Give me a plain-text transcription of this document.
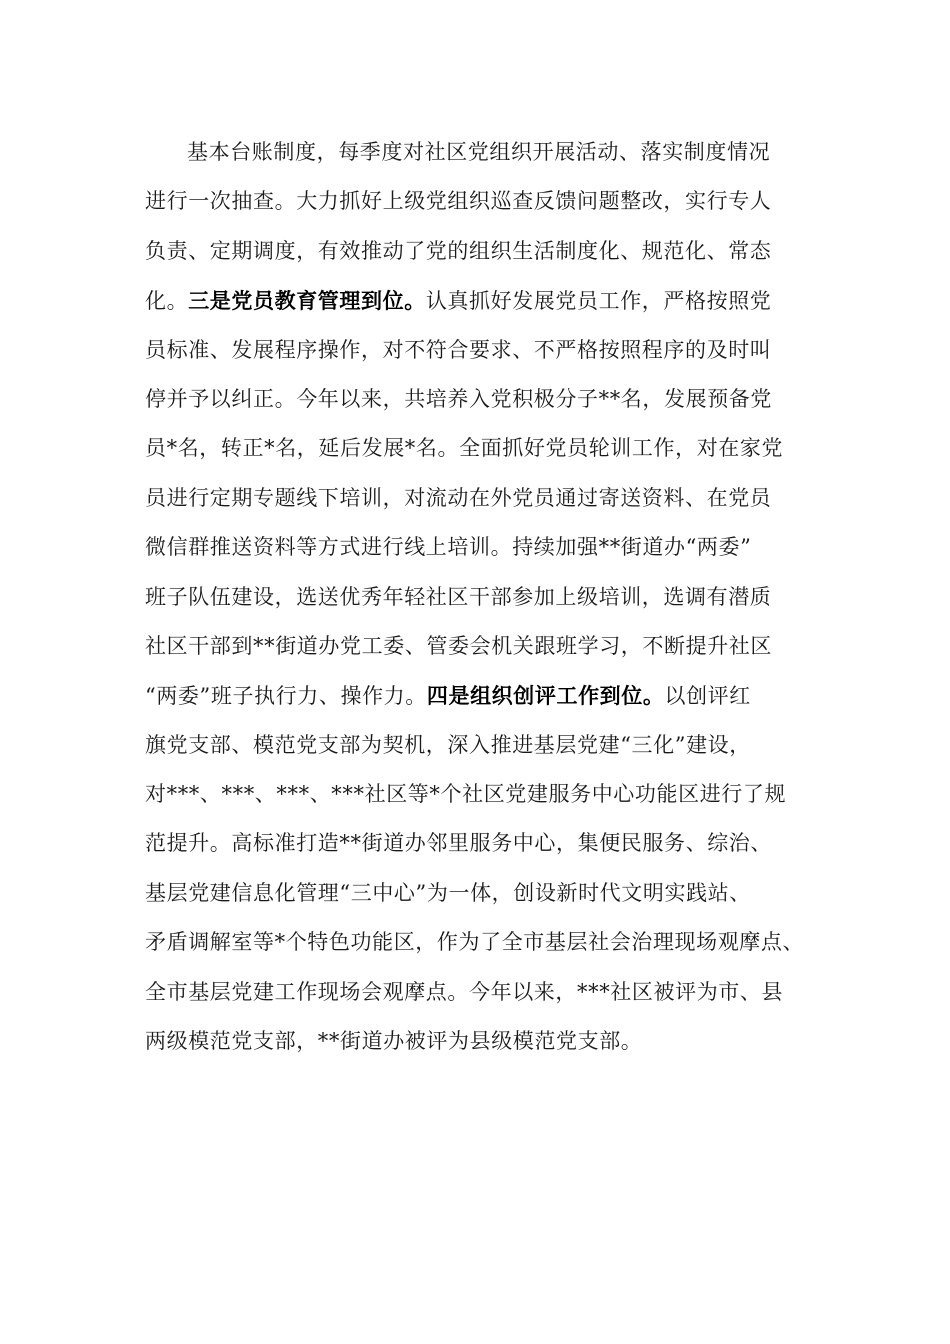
基本台账制度，每季度对社区党组织开展活动、落实制度情况
进行一次抽查。大力抓好上级党组织巡查反馈问题整改，实行专人
负责、定期调度，有效推动了党的组织生活制度化、规范化、常态
化。三是党员教育管理到位。认真抓好发展党员工作，严格按照党
员标准、发展程序操作，对不符合要求、不严格按照程序的及时叫
停并予以纠正。今年以来，共培养入党积极分子**名，发展预备党
员*名，转正*名，延后发展*名。全面抓好党员轮训工作，对在家党
员进行定期专题线下培训，对流动在外党员通过寄送资料、在党员
微信群推送资料等方式进行线上培训。持续加强**街道办“两委”
班子队伍建设，选送优秀年轻社区干部参加上级培训，选调有潜质
社区干部到**街道办党工委、管委会机关跟班学习，不断提升社区
“两委”班子执行力、操作力。四是组织创评工作到位。以创评红
旗党支部、模范党支部为契机，深入推进基层党建“三化”建设，
对***、***、***、***社区等*个社区党建服务中心功能区进行了规
范提升。高标准打造**街道办邻里服务中心，集便民服务、综治、
基层党建信息化管理“三中心”为一体，创设新时代文明实践站、
矛盾调解室等*个特色功能区，作为了全市基层社会治理现场观摩点、
全市基层党建工作现场会观摩点。今年以来，***社区被评为市、县
两级模范党支部，**街道办被评为县级模范党支部。
